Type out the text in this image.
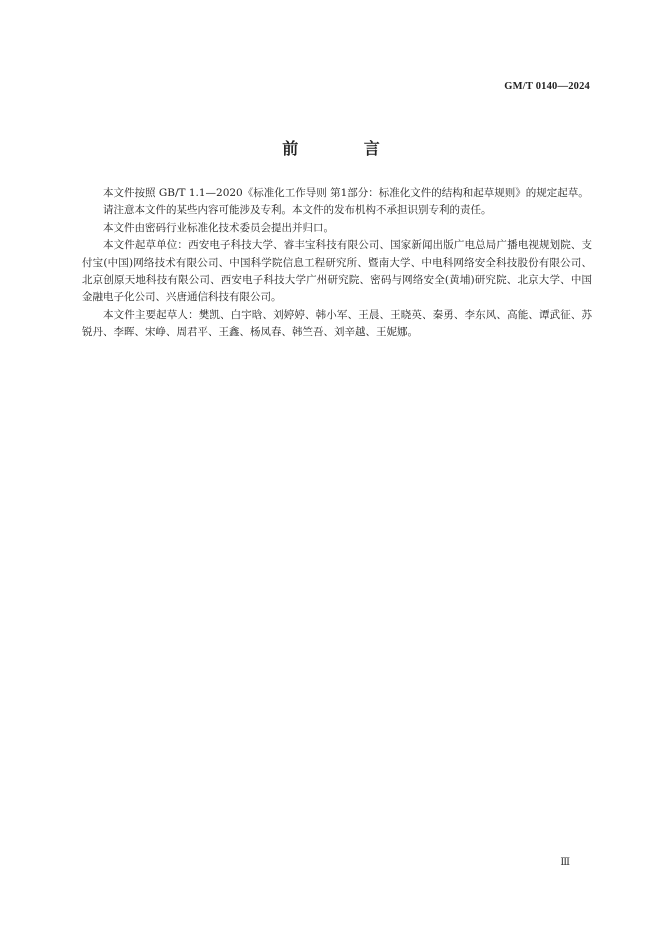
GM/T 0140—2024
前 言

本文件按照 GB/T 1.1—2020《标准化工作导则 第1部分：标准化文件的结构和起草规则》的规定起草。

请注意本文件的某些内容可能涉及专利。本文件的发布机构不承担识别专利的责任。

本文件由密码行业标准化技术委员会提出并归口。

本文件起草单位：西安电子科技大学、睿丰宝科技有限公司、国家新闻出版广电总局广播电视规划院、支付宝(中国)网络技术有限公司、中国科学院信息工程研究所、暨南大学、中电科网络安全科技股份有限公司、北京创原天地科技有限公司、西安电子科技大学广州研究院、密码与网络安全(黄埔)研究院、北京大学、中国金融电子化公司、兴唐通信科技有限公司。

本文件主要起草人：樊凯、白宇晗、刘婷婷、韩小军、王晨、王晓英、秦勇、李东风、高能、谭武征、苏锐丹、李晖、宋峥、周君平、王鑫、杨凤春、韩竺吾、刘辛越、王妮娜。

Ⅲ
